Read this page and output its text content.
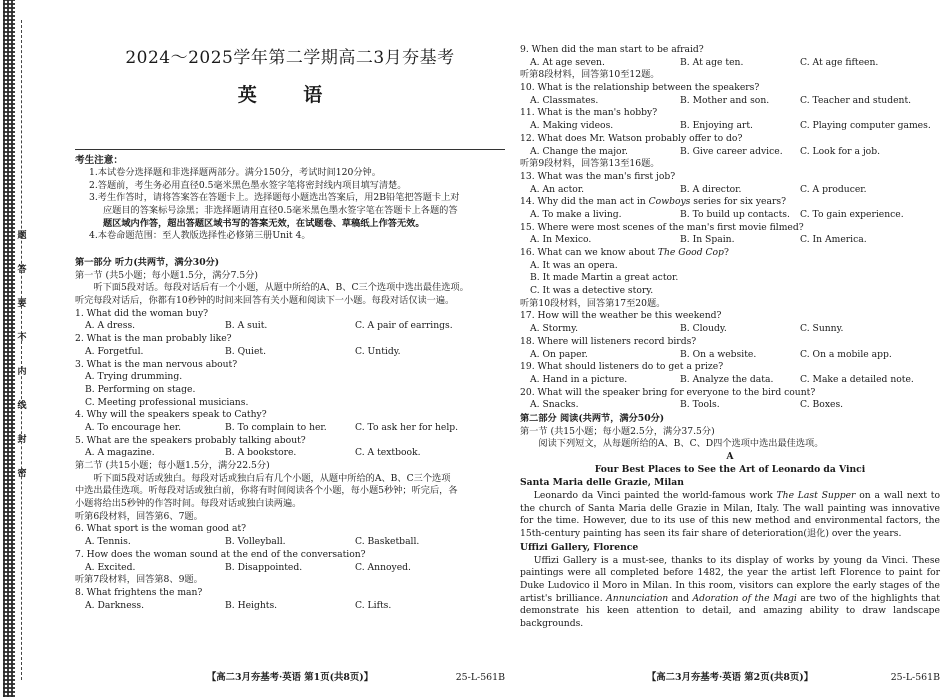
题
答
要
不
内
线
封
密
2024～2025学年第二学期高二3月夯基考
英 语
考生注意：
1.本试卷分选择题和非选择题两部分。满分150分，考试时间120分钟。
2.答题前，考生务必用直径0.5毫米黑色墨水签字笔将密封线内项目填写清楚。
3.考生作答时，请将答案答在答题卡上。选择题每小题选出答案后，用2B铅笔把答题卡上对
应题目的答案标号涂黑；非选择题请用直径0.5毫米黑色墨水签字笔在答题卡上各题的答
题区域内作答，超出答题区域书写的答案无效，在试题卷、草稿纸上作答无效。
4.本卷命题范围：至人教版选择性必修第三册Unit 4。
第一部分 听力(共两节，满分30分)
第一节 (共5小题；每小题1.5分，满分7.5分)
听下面5段对话。每段对话后有一个小题，从题中所给的A、B、C三个选项中选出最佳选项。
听完每段对话后，你都有10秒钟的时间来回答有关小题和阅读下一小题。每段对话仅读一遍。
1. What did the woman buy?
A. A dress.	B. A suit.	C. A pair of earrings.
2. What is the man probably like?
A. Forgetful.	B. Quiet.	C. Untidy.
3. What is the man nervous about?
A. Trying drumming.
B. Performing on stage.
C. Meeting professional musicians.
4. Why will the speakers speak to Cathy?
A. To encourage her.	B. To complain to her.	C. To ask her for help.
5. What are the speakers probably talking about?
A. A magazine.	B. A bookstore.	C. A textbook.
第二节 (共15小题；每小题1.5分，满分22.5分)
听下面5段对话或独白。每段对话或独白后有几个小题，从题中所给的A、B、C三个选项
中选出最佳选项。听每段对话或独白前，你将有时间阅读各个小题，每小题5秒钟；听完后，各
小题将给出5秒钟的作答时间。每段对话或独白读两遍。
听第6段材料，回答第6、7题。
6. What sport is the woman good at?
A. Tennis.	B. Volleyball.	C. Basketball.
7. How does the woman sound at the end of the conversation?
A. Excited.	B. Disappointed.	C. Annoyed.
听第7段材料，回答第8、9题。
8. What frightens the man?
A. Darkness.	B. Heights.	C. Lifts.
【高二3月夯基考·英语 第1页(共8页)】	25-L-561B
9. When did the man start to be afraid?
A. At age seven.	B. At age ten.	C. At age fifteen.
听第8段材料，回答第10至12题。
10. What is the relationship between the speakers?
A. Classmates.	B. Mother and son.	C. Teacher and student.
11. What is the man's hobby?
A. Making videos.	B. Enjoying art.	C. Playing computer games.
12. What does Mr. Watson probably offer to do?
A. Change the major.	B. Give career advice.	C. Look for a job.
听第9段材料，回答第13至16题。
13. What was the man's first job?
A. An actor.	B. A director.	C. A producer.
14. Why did the man act in Cowboys series for six years?
A. To make a living.	B. To build up contacts.	C. To gain experience.
15. Where were most scenes of the man's first movie filmed?
A. In Mexico.	B. In Spain.	C. In America.
16. What can we know about The Good Cop?
A. It was an opera.
B. It made Martin a great actor.
C. It was a detective story.
听第10段材料，回答第17至20题。
17. How will the weather be this weekend?
A. Stormy.	B. Cloudy.	C. Sunny.
18. Where will listeners record birds?
A. On paper.	B. On a website.	C. On a mobile app.
19. What should listeners do to get a prize?
A. Hand in a picture.	B. Analyze the data.	C. Make a detailed note.
20. What will the speaker bring for everyone to the bird count?
A. Snacks.	B. Tools.	C. Boxes.
第二部分 阅读(共两节，满分50分)
第一节 (共15小题；每小题2.5分，满分37.5分)
阅读下列短文，从每题所给的A、B、C、D四个选项中选出最佳选项。
A
Four Best Places to See the Art of Leonardo da Vinci
Santa Maria delle Grazie, Milan

Leonardo da Vinci painted the world-famous work The Last Supper on a wall next to the church of Santa Maria delle Grazie in Milan, Italy. The wall painting was innovative for the time. However, due to its use of this new method and environmental factors, the 15th-century painting has seen its fair share of deterioration(退化) over the years.

Uffizi Gallery, Florence

Uffizi Gallery is a must-see, thanks to its display of works by young da Vinci. These paintings were all completed before 1482, the year the artist left Florence to paint for Duke Ludovico il Moro in Milan. In this room, visitors can explore the early stages of the artist's brilliance. Annunciation and Adoration of the Magi are two of the highlights that demonstrate his keen attention to detail, and amazing ability to draw landscape backgrounds.

【高二3月夯基考·英语 第2页(共8页)】	25-L-561B
